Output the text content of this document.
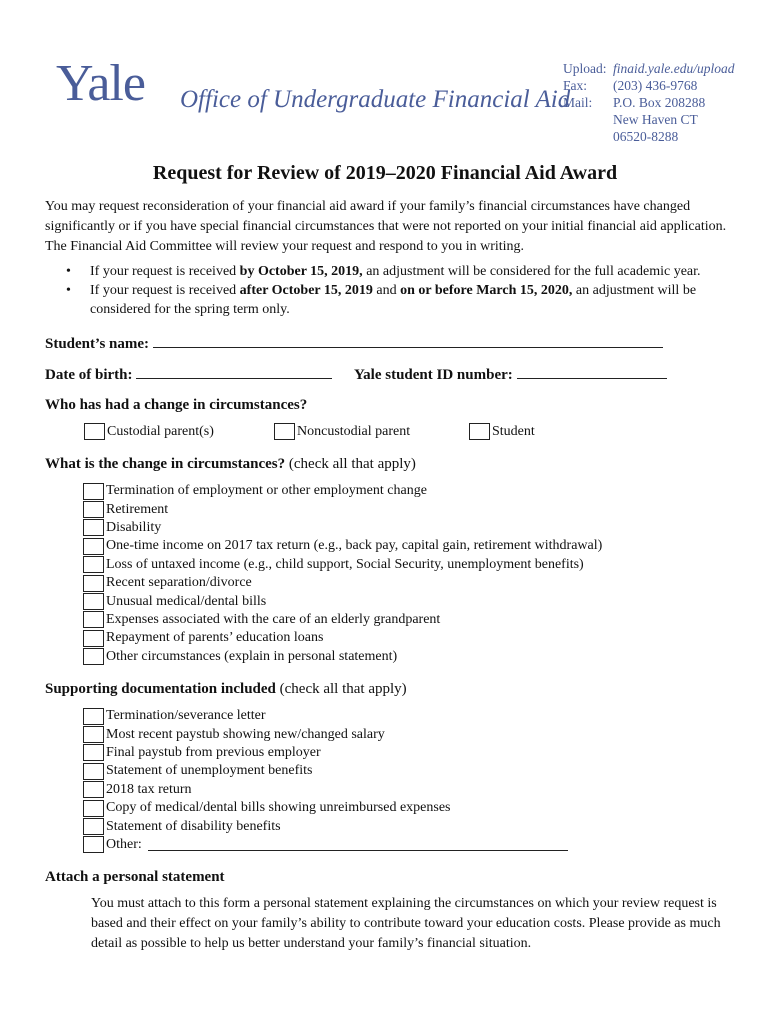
Yale Office of Undergraduate Financial Aid
Upload: finaid.yale.edu/upload
Fax:	(203) 436-9768
Mail:	P.O. Box 208288
New Haven CT
06520-8288
Request for Review of 2019–2020 Financial Aid Award
You may request reconsideration of your financial aid award if your family’s financial circumstances have changed significantly or if you have special financial circumstances that were not reported on your initial financial aid application. The Financial Aid Committee will review your request and respond to you in writing.
• If your request is received by October 15, 2019, an adjustment will be considered for the full academic year.
• If your request is received after October 15, 2019 and on or before March 15, 2020, an adjustment will be considered for the spring term only.
Student’s name:
Date of birth:	Yale student ID number:
Who has had a change in circumstances?
Custodial parent(s)	Noncustodial parent	Student
What is the change in circumstances? (check all that apply)
Termination of employment or other employment change
Retirement
Disability
One-time income on 2017 tax return (e.g., back pay, capital gain, retirement withdrawal)
Loss of untaxed income (e.g., child support, Social Security, unemployment benefits)
Recent separation/divorce
Unusual medical/dental bills
Expenses associated with the care of an elderly grandparent
Repayment of parents’ education loans
Other circumstances (explain in personal statement)
Supporting documentation included (check all that apply)
Termination/severance letter
Most recent paystub showing new/changed salary
Final paystub from previous employer
Statement of unemployment benefits
2018 tax return
Copy of medical/dental bills showing unreimbursed expenses
Statement of disability benefits
Other:
Attach a personal statement
You must attach to this form a personal statement explaining the circumstances on which your review request is based and their effect on your family’s ability to contribute toward your education costs. Please provide as much detail as possible to help us better understand your family’s financial situation.
